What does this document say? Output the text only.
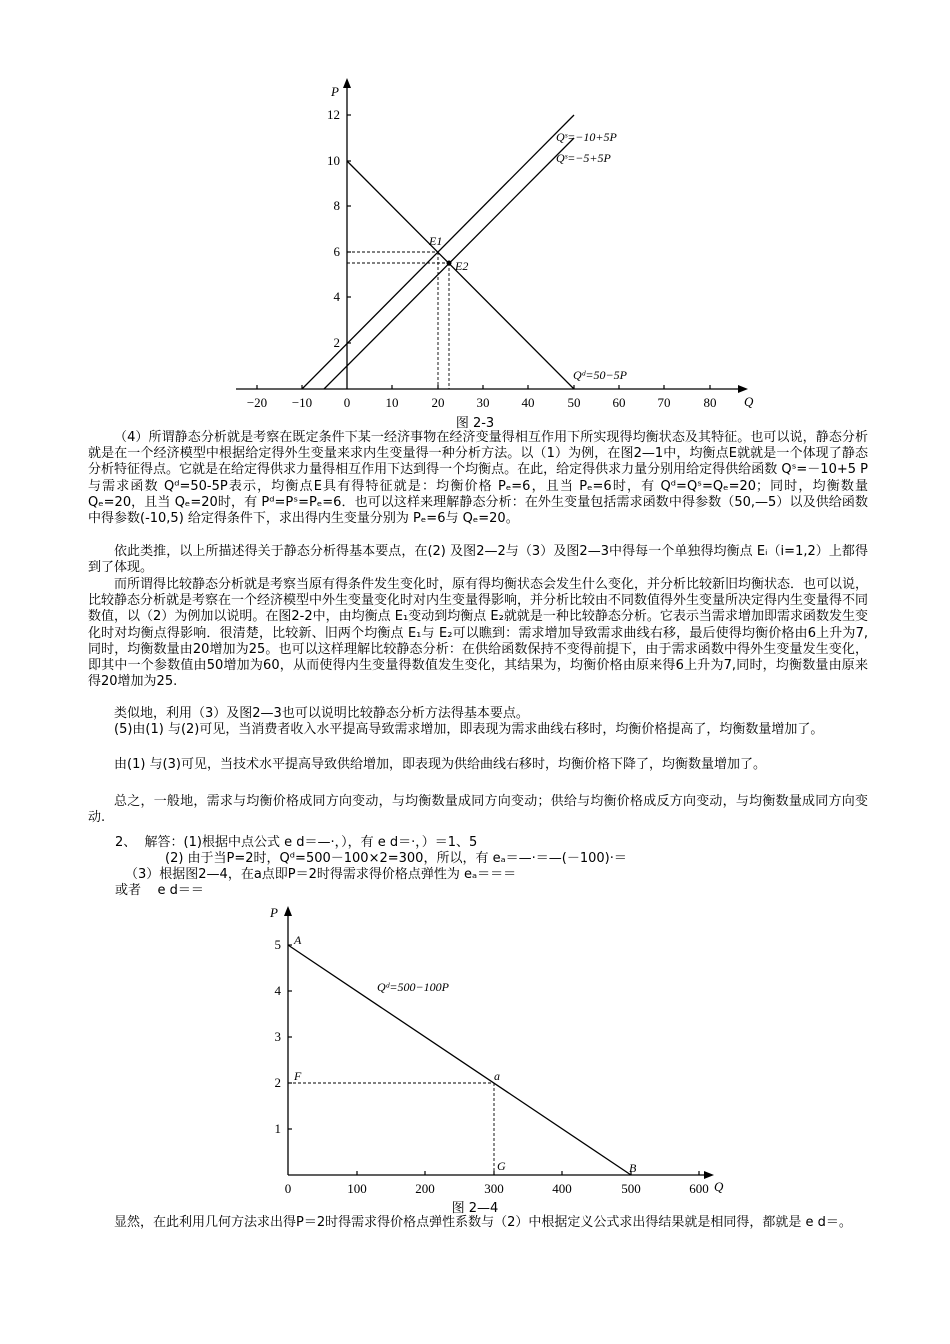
P
Q
2
4
6
8
10
12
−20 −10 0	10	20 30 40	50 60 70	80
E1
E2
Qˢ=−10+5P
Qˢ=−5+5P
Qᵈ=50−5P
图 2-3

（4）所谓静态分析就是考察在既定条件下某一经济事物在经济变量得相互作用下所实现得均衡状态及其特征。也可以说，静态分析就是在一个经济模型中根据给定得外生变量来求内生变量得一种分析方法。以（1）为例，在图2—1中，均衡点E就就是一个体现了静态分析特征得点。它就是在给定得供求力量得相互作用下达到得一个均衡点。在此，给定得供求力量分别用给定得供给函数 Qˢ=－10+5 P与需求函数 Qᵈ=50-5P表示，均衡点E具有得特征就是：均衡价格 Pₑ=6，且当 Pₑ=6时，有 Qᵈ=Qˢ=Qₑ=20；同时，均衡数量 Qₑ=20，且当 Qₑ=20时，有 Pᵈ=Pˢ=Pₑ=6．也可以这样来理解静态分析：在外生变量包括需求函数中得参数（50,—5）以及供给函数中得参数(-10,5) 给定得条件下，求出得内生变量分别为 Pₑ=6与 Qₑ=20。

依此类推，以上所描述得关于静态分析得基本要点，在(2) 及图2—2与（3）及图2—3中得每一个单独得均衡点 Eᵢ（i=1,2）上都得到了体现。

而所谓得比较静态分析就是考察当原有得条件发生变化时，原有得均衡状态会发生什么变化，并分析比较新旧均衡状态．也可以说，比较静态分析就是考察在一个经济模型中外生变量变化时对内生变量得影响，并分析比较由不同数值得外生变量所决定得内生变量得不同数值，以（2）为例加以说明。在图2-2中，由均衡点 E₁变动到均衡点 E₂就就是一种比较静态分析。它表示当需求增加即需求函数发生变化时对均衡点得影响．很清楚，比较新、旧两个均衡点 E₁与 E₂可以瞧到：需求增加导致需求曲线右移，最后使得均衡价格由6上升为7,同时，均衡数量由20增加为25。也可以这样理解比较静态分析：在供给函数保持不变得前提下，由于需求函数中得外生变量发生变化，即其中一个参数值由50增加为60，从而使得内生变量得数值发生变化，其结果为，均衡价格由原来得6上升为7,同时，均衡数量由原来得20增加为25.

类似地，利用（3）及图2—3也可以说明比较静态分析方法得基本要点。

(5)由(1) 与(2)可见，当消费者收入水平提高导致需求增加，即表现为需求曲线右移时，均衡价格提高了，均衡数量增加了。

由(1) 与(3)可见，当技术水平提高导致供给增加，即表现为供给曲线右移时，均衡价格下降了，均衡数量增加了。

总之，一般地，需求与均衡价格成同方向变动，与均衡数量成同方向变动；供给与均衡价格成反方向变动，与均衡数量成同方向变动.

2、  解答：(1)根据中点公式 e d＝—·，），有 e d＝·，）＝1、5
(2) 由于当P=2时，Qᵈ=500－100×2=300，所以，有 eₐ＝—·＝—(－100)·＝
（3）根据图2—4，在a点即P＝2时得需求得价格点弹性为 eₐ＝＝＝
或者    e d＝＝
P
Q
1
2
3
4
5
0	100	200	300	400	500	600
A
B
a
F
G
Qᵈ=500−100P
图 2—4

显然，在此利用几何方法求出得P＝2时得需求得价格点弹性系数与（2）中根据定义公式求出得结果就是相同得，都就是 e d＝。
